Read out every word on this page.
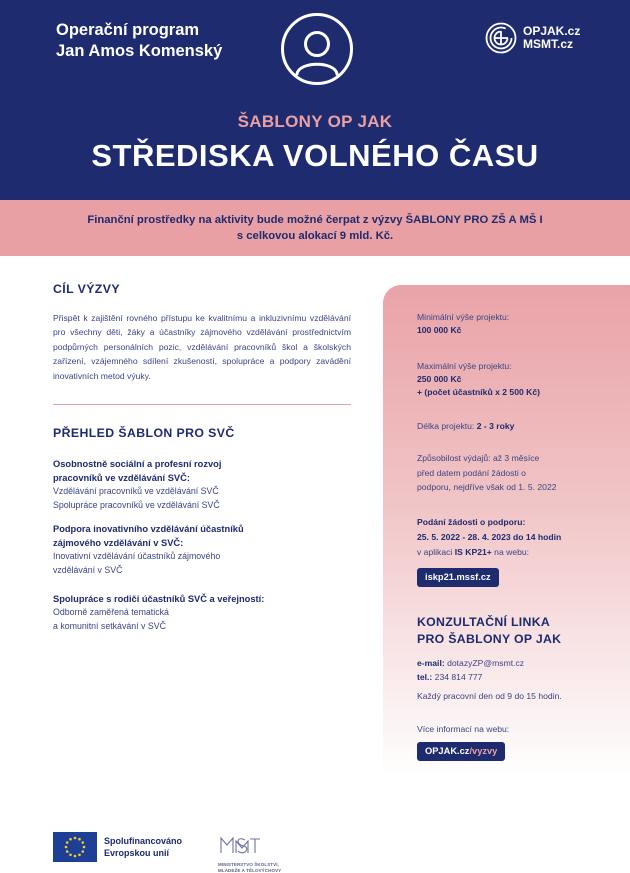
Operační program
Jan Amos Komenský
OPJAK.cz
MSMT.cz
ŠABLONY OP JAK
STŘEDISKA VOLNÉHO ČASU
Finanční prostředky na aktivity bude možné čerpat z výzvy ŠABLONY PRO ZŠ A MŠ I
s celkovou alokací 9 mld. Kč.
CÍL VÝZVY
Přispět k zajištění rovného přístupu ke kvalitnímu a inkluzivnímu vzdělávání pro všechny děti, žáky a účastníky zájmového vzdělávání prostřednictvím podpůrných personálních pozic, vzdělávání pracovníků škol a školských zařízení, vzájemného sdílení zkušeností, spolupráce a podpory zavádění inovativních metod výuky.
PŘEHLED ŠABLON PRO SVČ
Osobnostně sociální a profesní rozvoj
pracovníků ve vzdělávání SVČ:
Vzdělávání pracovníků ve vzdělávání SVČ
Spolupráce pracovníků ve vzdělávání SVČ
Podpora inovativního vzdělávání účastníků
zájmového vzdělávání v SVČ:
Inovativní vzdělávání účastníků zájmového
vzdělávání v SVČ
Spolupráce s rodiči účastníků SVČ a veřejností:
Odborně zaměřená tematická
a komunitní setkávání v SVČ
Minimální výše projektu:
100 000 Kč
Maximální výše projektu:
250 000 Kč
+ (počet účastníků x 2 500 Kč)
Délka projektu: 2 - 3 roky
Způsobilost výdajů: až 3 měsíce
před datem podání žádosti o
podporu, nejdříve však od 1. 5. 2022
Podání žádosti o podporu:
25. 5. 2022 - 28. 4. 2023 do 14 hodin
v aplikaci IS KP21+ na webu:
iskp21.mssf.cz
KONZULTAČNÍ LINKA
PRO ŠABLONY OP JAK
e-mail: dotazyZP@msmt.cz
tel.: 234 814 777
Každý pracovní den od 9 do 15 hodin.
Více informací na webu:
OPJAK.cz/vyzvy
Spolufinancováno
Evropskou unií
MINISTERSTVO ŠKOLSTVÍ,
MLÁDEŽE A TĚLOVÝCHOVY
